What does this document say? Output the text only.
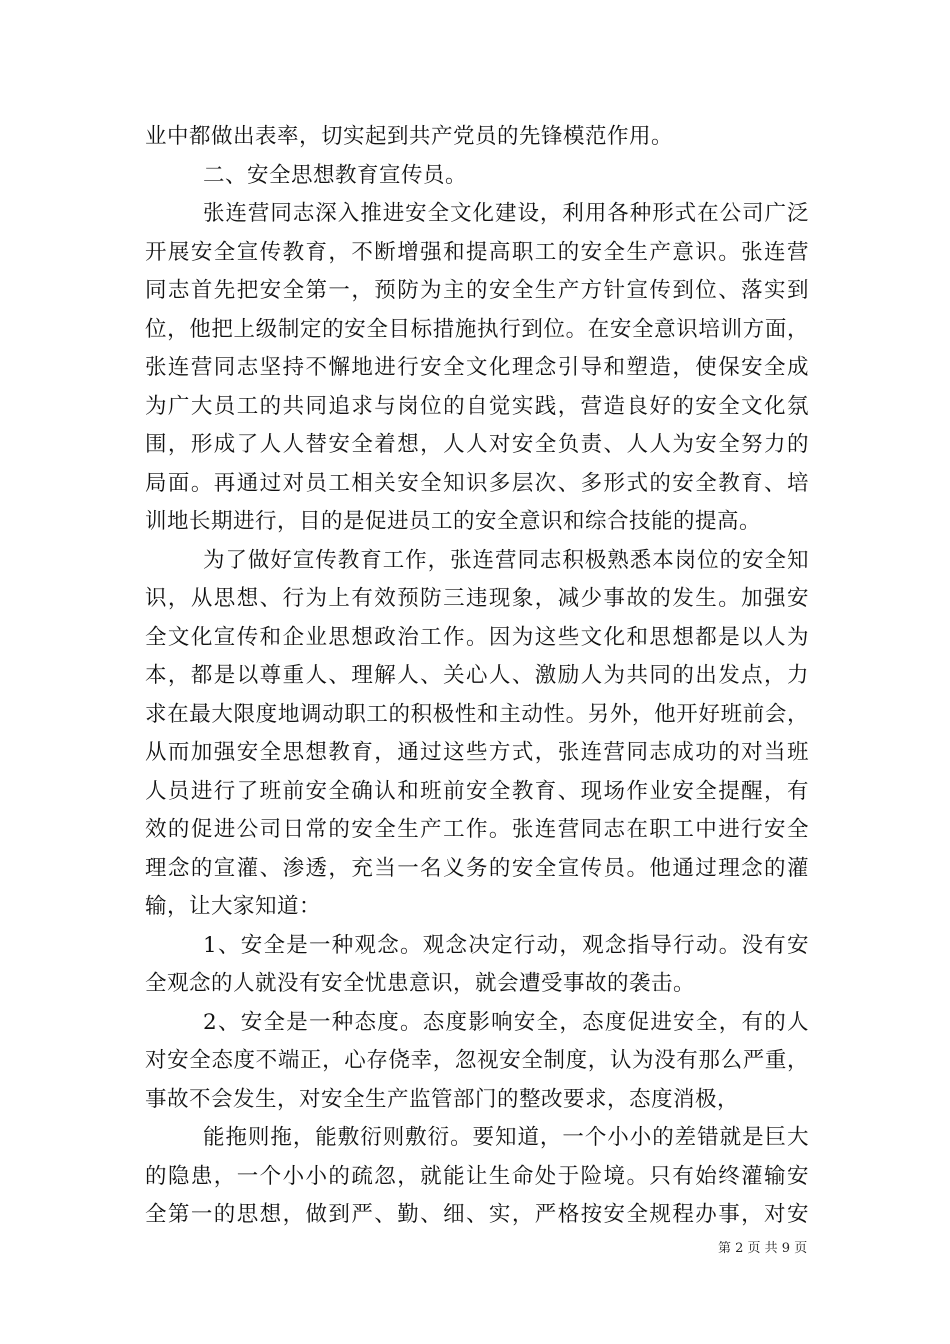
业中都做出表率，切实起到共产党员的先锋模范作用。
二、安全思想教育宣传员。
张连营同志深入推进安全文化建设，利用各种形式在公司广泛
开展安全宣传教育，不断增强和提高职工的安全生产意识。张连营
同志首先把安全第一，预防为主的安全生产方针宣传到位、落实到
位，他把上级制定的安全目标措施执行到位。在安全意识培训方面，
张连营同志坚持不懈地进行安全文化理念引导和塑造，使保安全成
为广大员工的共同追求与岗位的自觉实践，营造良好的安全文化氛
围，形成了人人替安全着想，人人对安全负责、人人为安全努力的
局面。再通过对员工相关安全知识多层次、多形式的安全教育、培
训地长期进行，目的是促进员工的安全意识和综合技能的提高。
为了做好宣传教育工作，张连营同志积极熟悉本岗位的安全知
识，从思想、行为上有效预防三违现象，减少事故的发生。加强安
全文化宣传和企业思想政治工作。因为这些文化和思想都是以人为
本，都是以尊重人、理解人、关心人、激励人为共同的出发点，力
求在最大限度地调动职工的积极性和主动性。另外，他开好班前会，
从而加强安全思想教育，通过这些方式，张连营同志成功的对当班
人员进行了班前安全确认和班前安全教育、现场作业安全提醒，有
效的促进公司日常的安全生产工作。张连营同志在职工中进行安全
理念的宣灌、渗透，充当一名义务的安全宣传员。他通过理念的灌
输，让大家知道：
1、安全是一种观念。观念决定行动，观念指导行动。没有安
全观念的人就没有安全忧患意识，就会遭受事故的袭击。
2、安全是一种态度。态度影响安全，态度促进安全，有的人
对安全态度不端正，心存侥幸，忽视安全制度，认为没有那么严重，
事故不会发生，对安全生产监管部门的整改要求，态度消极，
能拖则拖，能敷衍则敷衍。要知道，一个小小的差错就是巨大
的隐患，一个小小的疏忽，就能让生命处于险境。只有始终灌输安
全第一的思想，做到严、勤、细、实，严格按安全规程办事，对安
第 2 页 共 9 页
